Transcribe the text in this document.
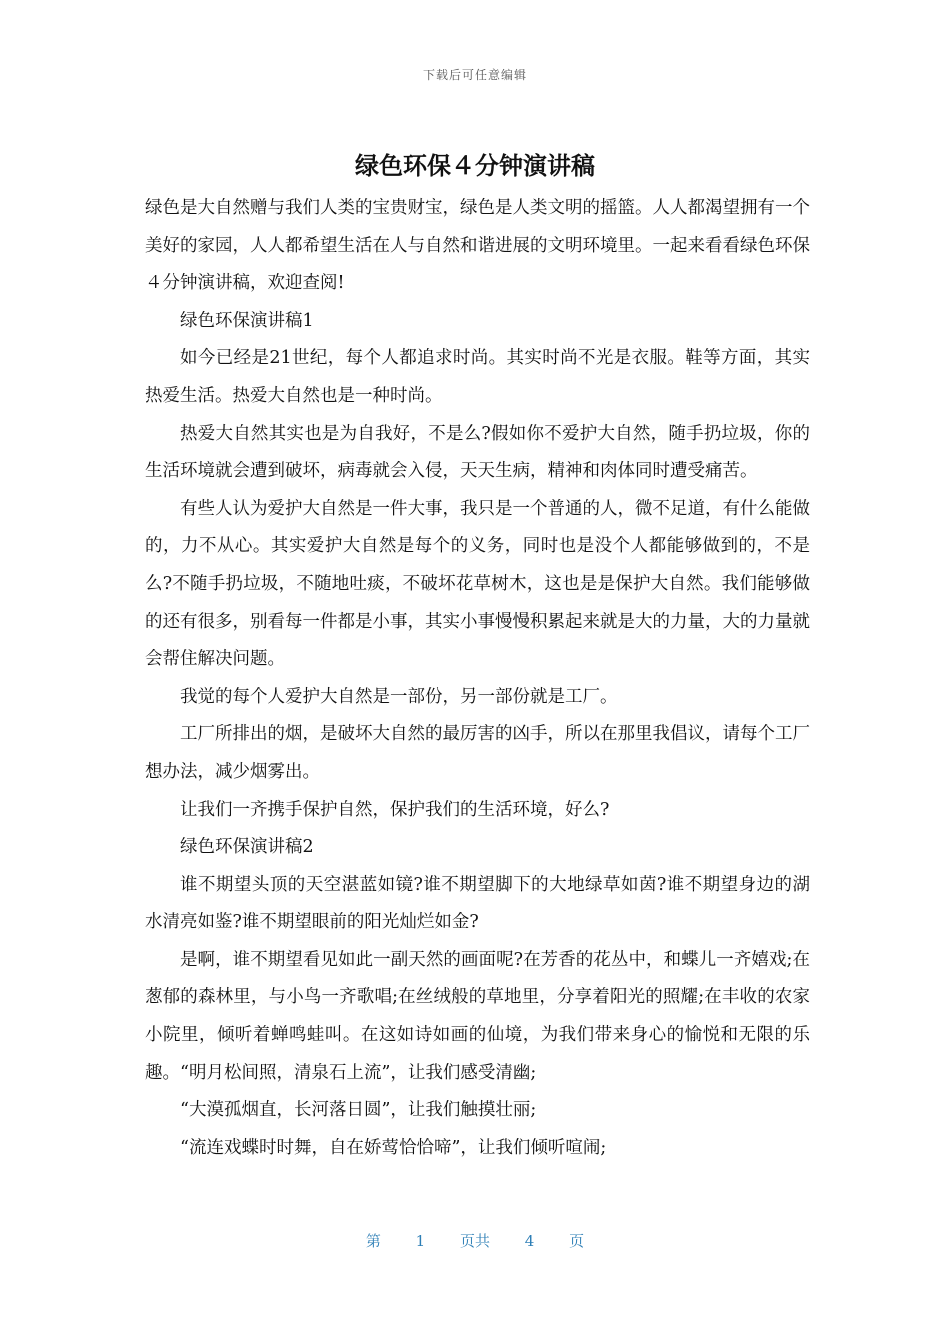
下载后可任意编辑
绿色环保４分钟演讲稿

绿色是大自然赠与我们人类的宝贵财宝，绿色是人类文明的摇篮。人人都渴望拥有一个美好的家园，人人都希望生活在人与自然和谐进展的文明环境里。一起来看看绿色环保４分钟演讲稿，欢迎查阅!

绿色环保演讲稿1

如今已经是21世纪，每个人都追求时尚。其实时尚不光是衣服。鞋等方面，其实热爱生活。热爱大自然也是一种时尚。

热爱大自然其实也是为自我好，不是么?假如你不爱护大自然，随手扔垃圾，你的生活环境就会遭到破坏，病毒就会入侵，天天生病，精神和肉体同时遭受痛苦。

有些人认为爱护大自然是一件大事，我只是一个普通的人，微不足道，有什么能做的，力不从心。其实爱护大自然是每个的义务，同时也是没个人都能够做到的，不是么?不随手扔垃圾，不随地吐痰，不破坏花草树木，这也是是保护大自然。我们能够做的还有很多，别看每一件都是小事，其实小事慢慢积累起来就是大的力量，大的力量就会帮住解决问题。

我觉的每个人爱护大自然是一部份，另一部份就是工厂。

工厂所排出的烟，是破坏大自然的最厉害的凶手，所以在那里我倡议，请每个工厂想办法，减少烟雾出。

让我们一齐携手保护自然，保护我们的生活环境，好么?

绿色环保演讲稿2

谁不期望头顶的天空湛蓝如镜?谁不期望脚下的大地绿草如茵?谁不期望身边的湖水清亮如鉴?谁不期望眼前的阳光灿烂如金?

是啊，谁不期望看见如此一副天然的画面呢?在芳香的花丛中，和蝶儿一齐嬉戏;在葱郁的森林里，与小鸟一齐歌唱;在丝绒般的草地里，分享着阳光的照耀;在丰收的农家小院里，倾听着蝉鸣蛙叫。在这如诗如画的仙境，为我们带来身心的愉悦和无限的乐趣。“明月松间照，清泉石上流”，让我们感受清幽;

“大漠孤烟直，长河落日圆”，让我们触摸壮丽;

“流连戏蝶时时舞，自在娇莺恰恰啼”，让我们倾听喧闹;

第 1 页共 4 页
